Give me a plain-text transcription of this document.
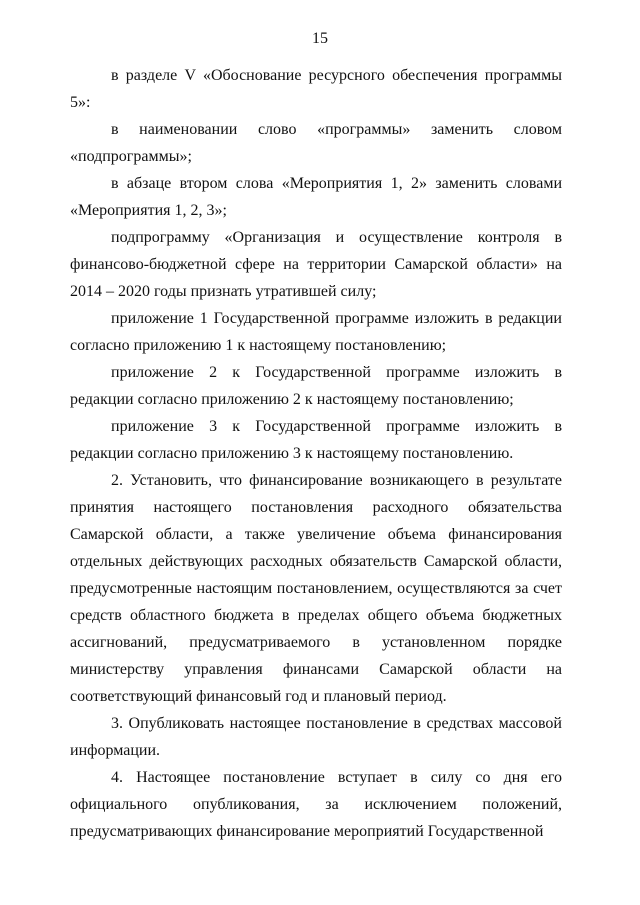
15

в разделе V «Обоснование ресурсного обеспечения программы 5»:

в наименовании слово «программы» заменить словом «подпрограммы»;

в абзаце втором слова «Мероприятия 1, 2» заменить словами «Мероприятия 1, 2, 3»;

подпрограмму «Организация и осуществление контроля в финансово-бюджетной сфере на территории Самарской области» на 2014 – 2020 годы признать утратившей силу;

приложение 1 Государственной программе изложить в редакции согласно приложению 1 к настоящему постановлению;

приложение 2 к Государственной программе изложить в редакции согласно приложению 2 к настоящему постановлению;

приложение 3 к Государственной программе изложить в редакции согласно приложению 3 к настоящему постановлению.

2. Установить, что финансирование возникающего в результате принятия настоящего постановления расходного обязательства Самарской области, а также увеличение объема финансирования отдельных действующих расходных обязательств Самарской области, предусмотренные настоящим постановлением, осуществляются за счет средств областного бюджета в пределах общего объема бюджетных ассигнований, предусматриваемого в установленном порядке министерству управления финансами Самарской области на соответствующий финансовый год и плановый период.

3. Опубликовать настоящее постановление в средствах массовой информации.

4. Настоящее постановление вступает в силу со дня его официального опубликования, за исключением положений, предусматривающих финансирование мероприятий Государственной
